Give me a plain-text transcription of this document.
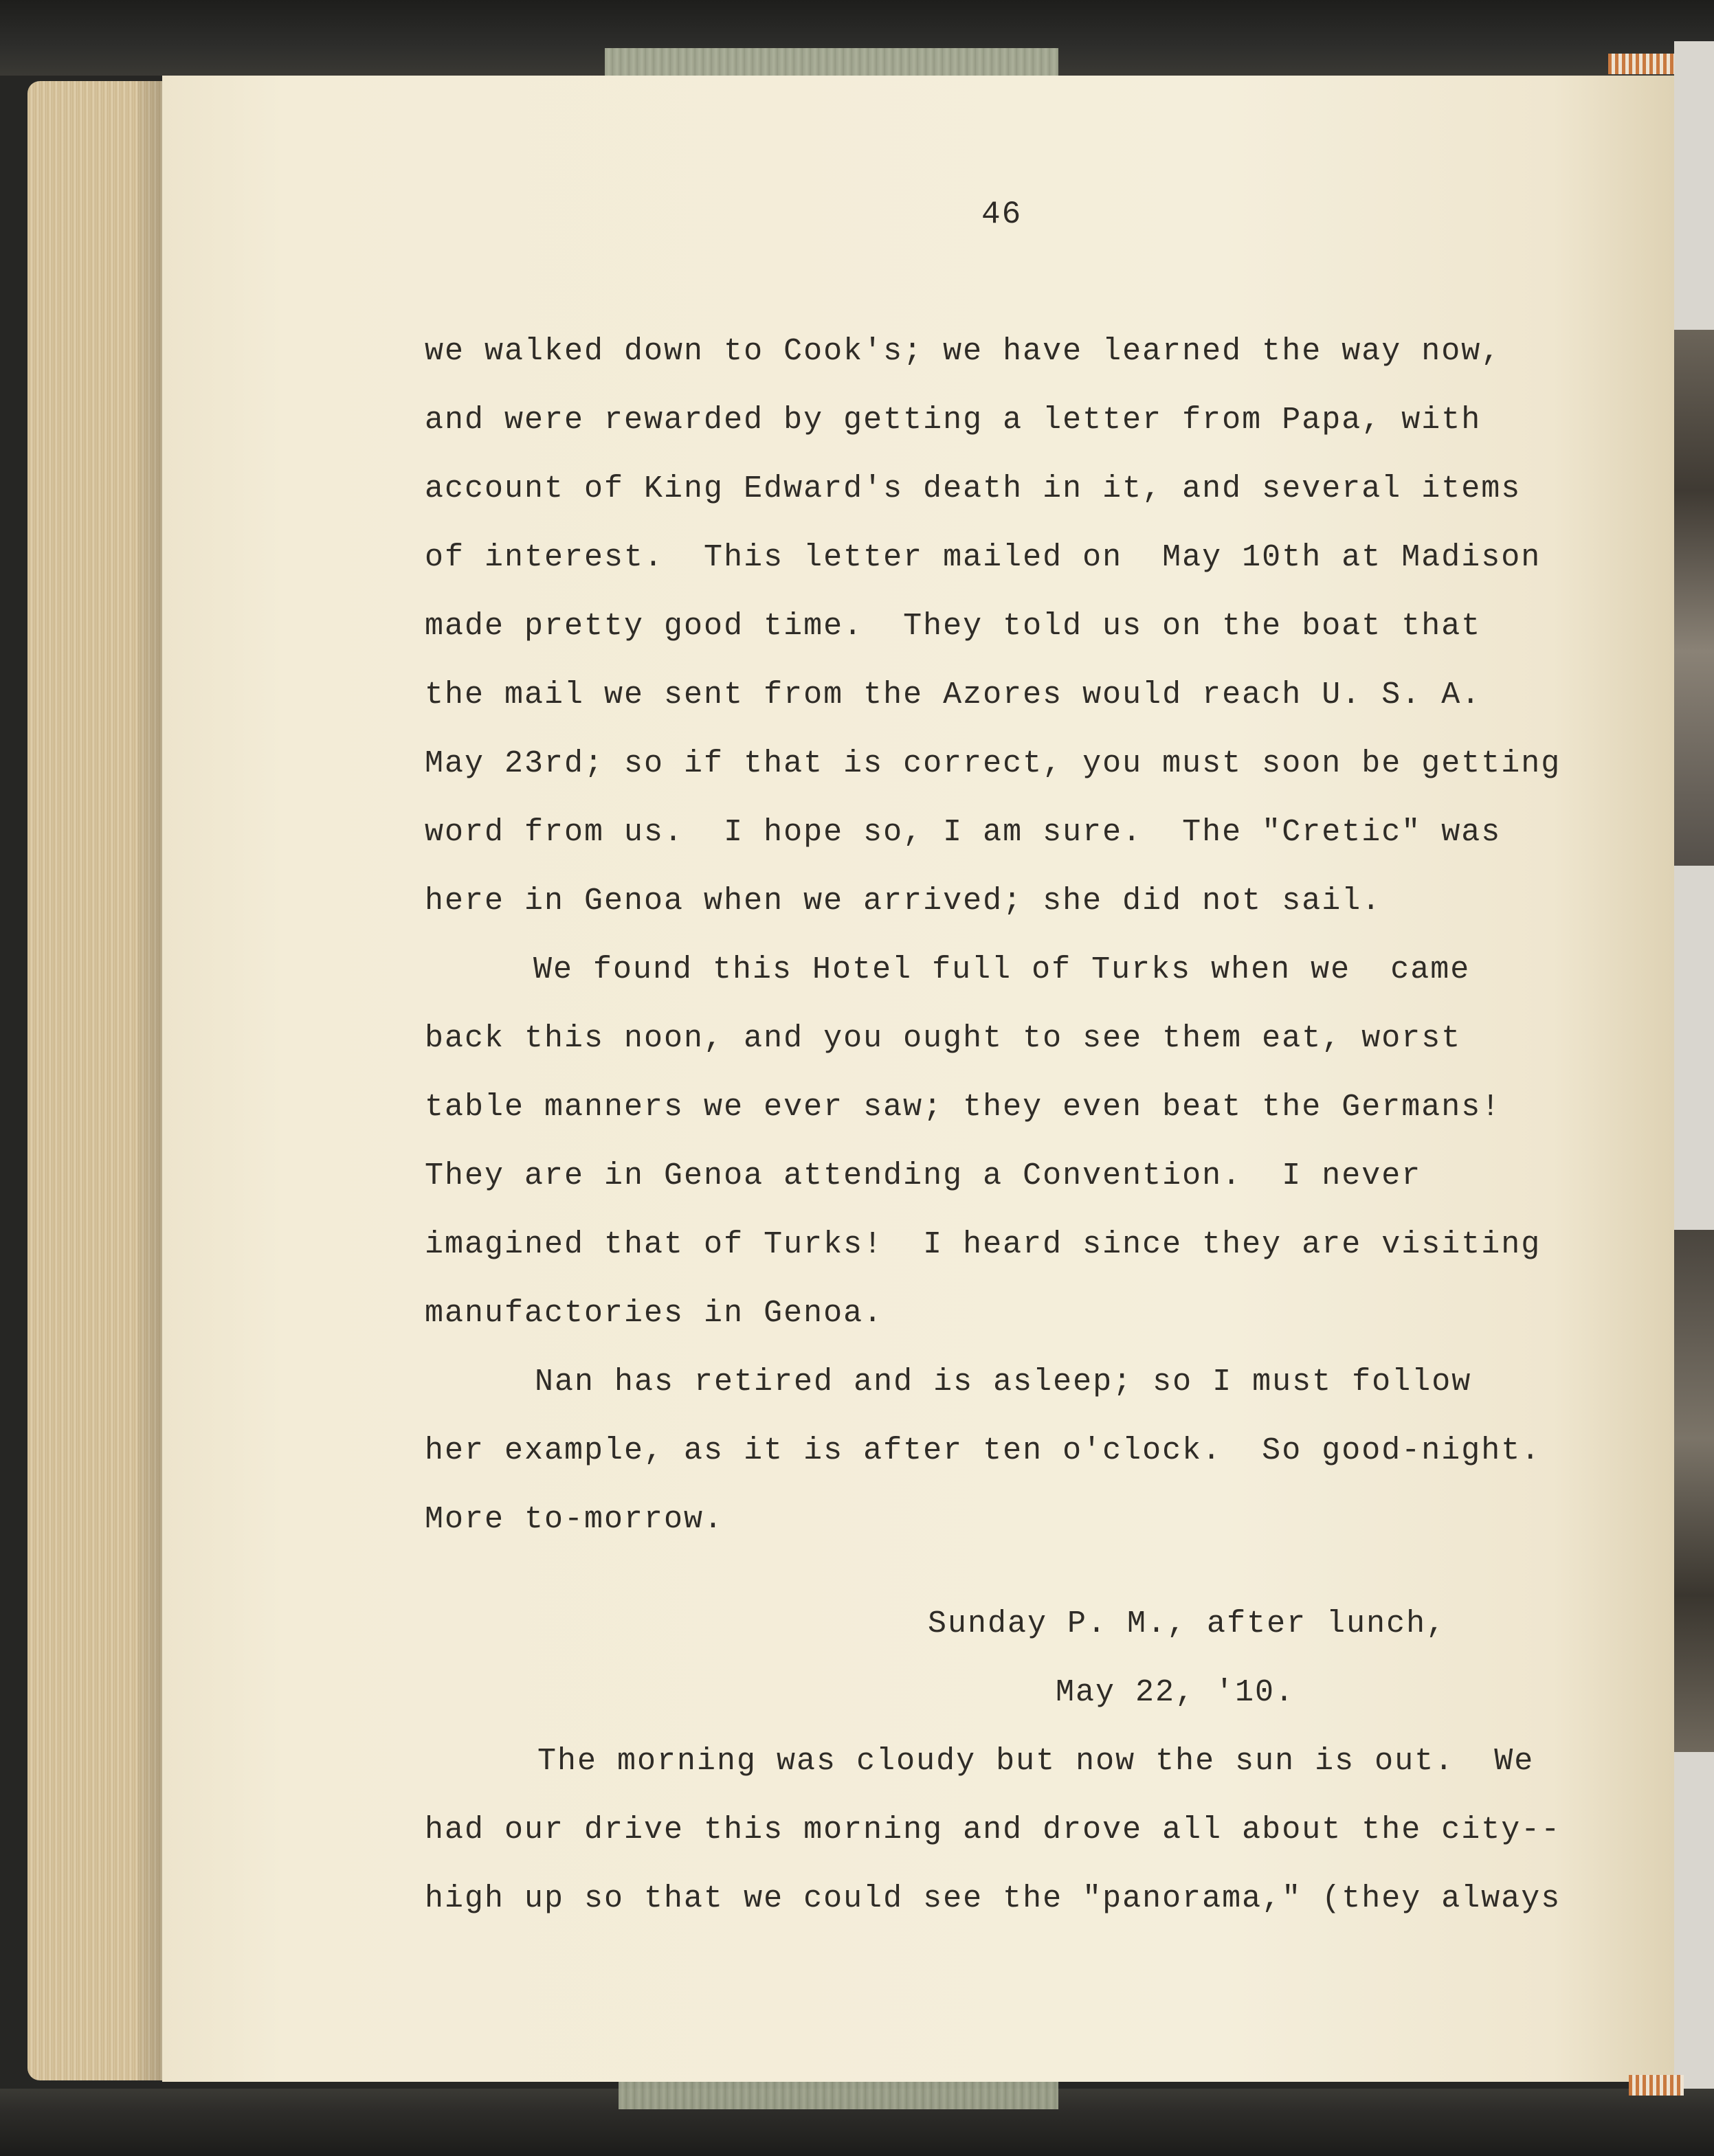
46
we walked down to Cook's; we have learned the way now,
and were rewarded by getting a letter from Papa, with
account of King Edward's death in it, and several items
of interest.  This letter mailed on  May 10th at Madison
made pretty good time.  They told us on the boat that
the mail we sent from the Azores would reach U. S. A.
May 23rd; so if that is correct, you must soon be getting
word from us.  I hope so, I am sure.  The "Cretic" was
here in Genoa when we arrived; she did not sail.
We found this Hotel full of Turks when we  came
back this noon, and you ought to see them eat, worst
table manners we ever saw; they even beat the Germans!
They are in Genoa attending a Convention.  I never
imagined that of Turks!  I heard since they are visiting
manufactories in Genoa.
Nan has retired and is asleep; so I must follow
her example, as it is after ten o'clock.  So good-night.
More to-morrow.
Sunday P. M., after lunch,
May 22, '10.
The morning was cloudy but now the sun is out.  We
had our drive this morning and drove all about the city--
high up so that we could see the "panorama," (they always
